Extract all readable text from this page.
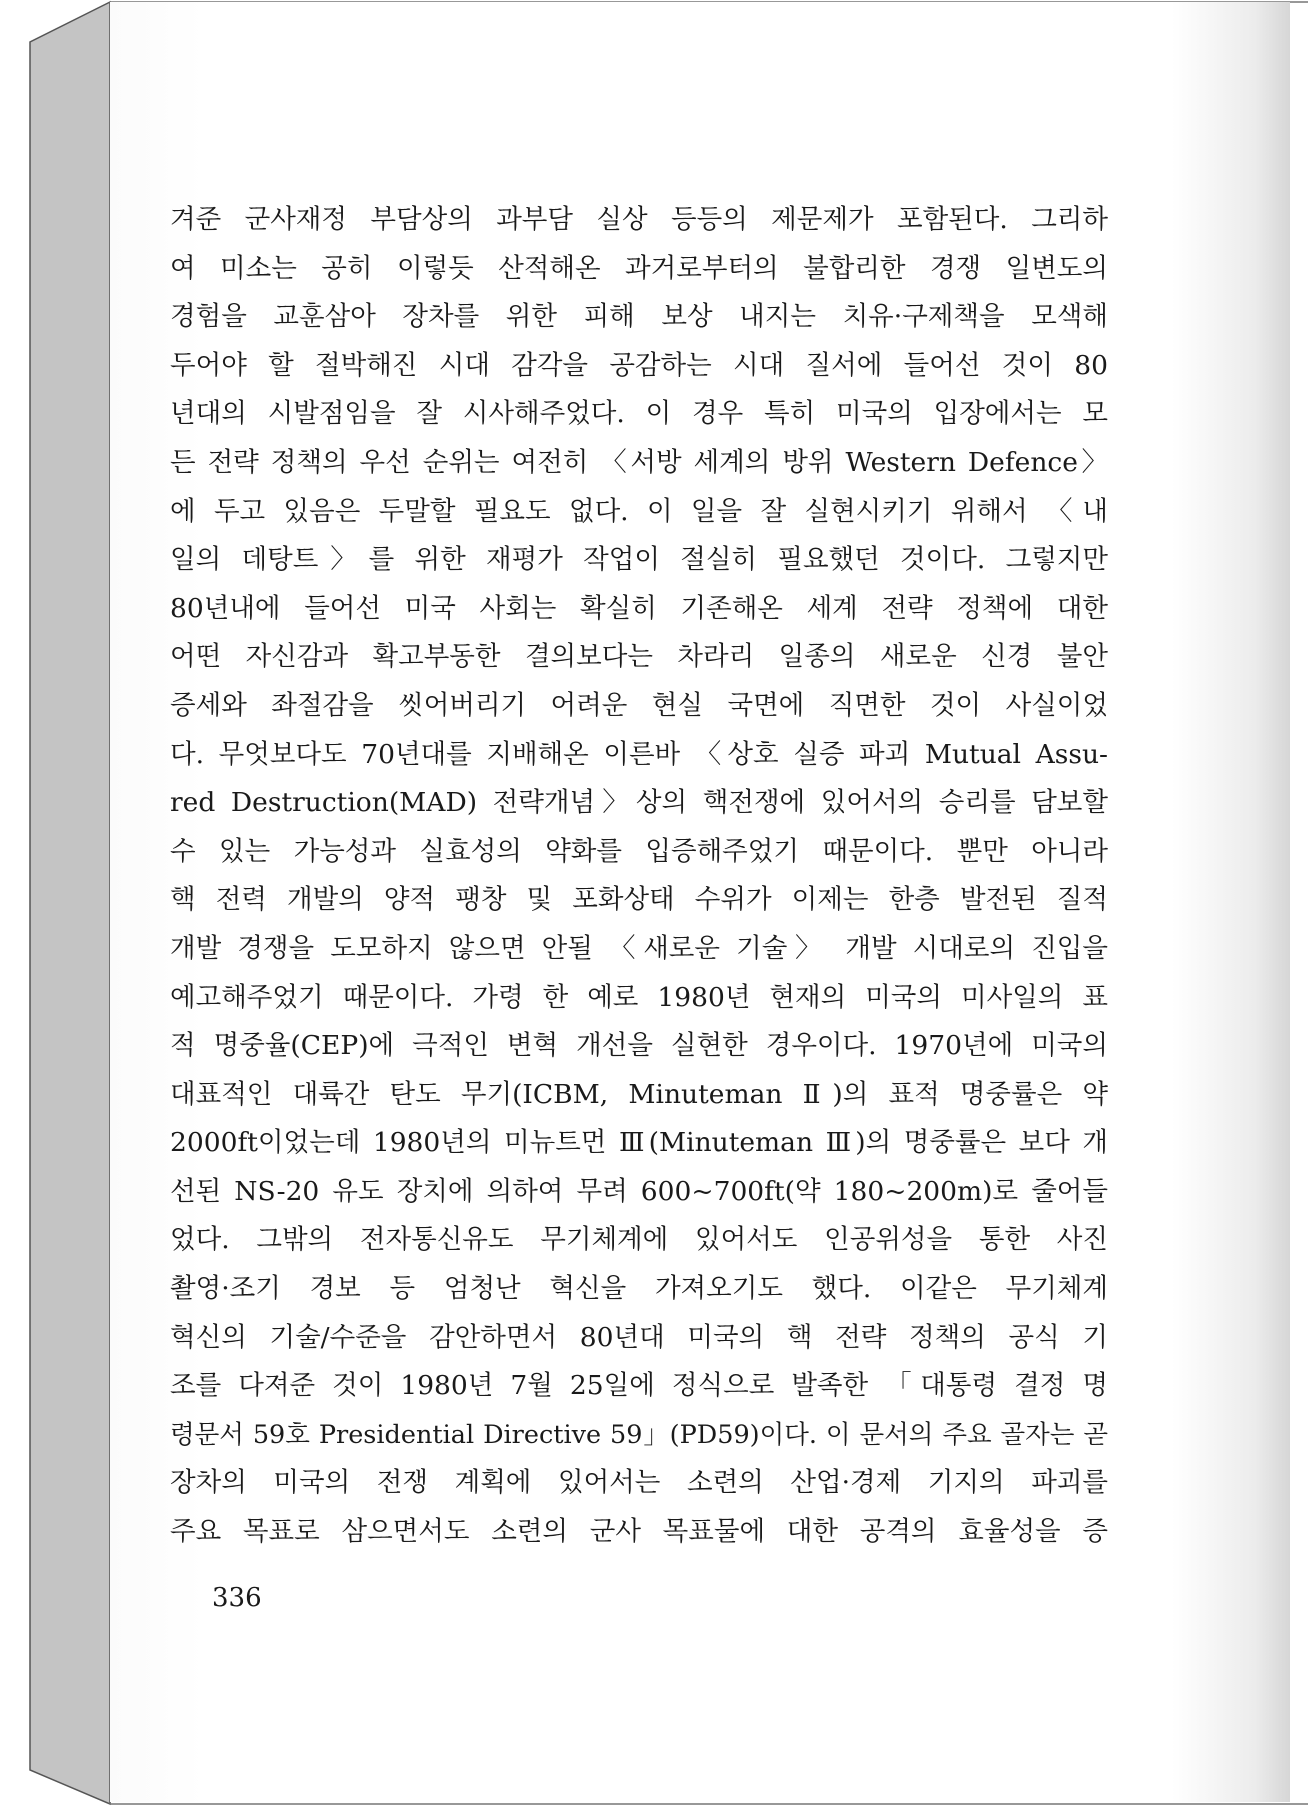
겨준 군사재정 부담상의 과부담 실상 등등의 제문제가 포함된다. 그리하
여 미소는 공히 이렇듯 산적해온 과거로부터의 불합리한 경쟁 일변도의
경험을 교훈삼아 장차를 위한 피해 보상 내지는 치유·구제책을 모색해
두어야 할 절박해진 시대 감각을 공감하는 시대 질서에 들어선 것이 80
년대의 시발점임을 잘 시사해주었다. 이 경우 특히 미국의 입장에서는 모
든 전략 정책의 우선 순위는 여전히 〈서방 세계의 방위 Western Defence〉
에 두고 있음은 두말할 필요도 없다. 이 일을 잘 실현시키기 위해서 〈내
일의 데탕트〉를 위한 재평가 작업이 절실히 필요했던 것이다. 그렇지만
80년내에 들어선 미국 사회는 확실히 기존해온 세계 전략 정책에 대한
어떤 자신감과 확고부동한 결의보다는 차라리 일종의 새로운 신경 불안
증세와 좌절감을 씻어버리기 어려운 현실 국면에 직면한 것이 사실이었
다. 무엇보다도 70년대를 지배해온 이른바 〈상호 실증 파괴 Mutual Assu-
red Destruction(MAD) 전략개념〉상의 핵전쟁에 있어서의 승리를 담보할
수 있는 가능성과 실효성의 약화를 입증해주었기 때문이다. 뿐만 아니라
핵 전력 개발의 양적 팽창 및 포화상태 수위가 이제는 한층 발전된 질적
개발 경쟁을 도모하지 않으면 안될 〈새로운 기술〉 개발 시대로의 진입을
예고해주었기 때문이다. 가령 한 예로 1980년 현재의 미국의 미사일의 표
적 명중율(CEP)에 극적인 변혁 개선을 실현한 경우이다. 1970년에 미국의
대표적인 대륙간 탄도 무기(ICBM, Minuteman Ⅱ)의 표적 명중률은 약
2000ft이었는데 1980년의 미뉴트먼 Ⅲ(Minuteman Ⅲ)의 명중률은 보다 개
선된 NS-20 유도 장치에 의하여 무려 600~700ft(약 180~200m)로 줄어들
었다. 그밖의 전자통신유도 무기체계에 있어서도 인공위성을 통한 사진
촬영·조기 경보 등 엄청난 혁신을 가져오기도 했다. 이같은 무기체계
혁신의 기술/수준을 감안하면서 80년대 미국의 핵 전략 정책의 공식 기
조를 다져준 것이 1980년 7월 25일에 정식으로 발족한 「대통령 결정 명
령문서 59호 Presidential Directive 59」(PD59)이다. 이 문서의 주요 골자는 곧
장차의 미국의 전쟁 계획에 있어서는 소련의 산업·경제 기지의 파괴를
주요 목표로 삼으면서도 소련의 군사 목표물에 대한 공격의 효율성을 증
336
